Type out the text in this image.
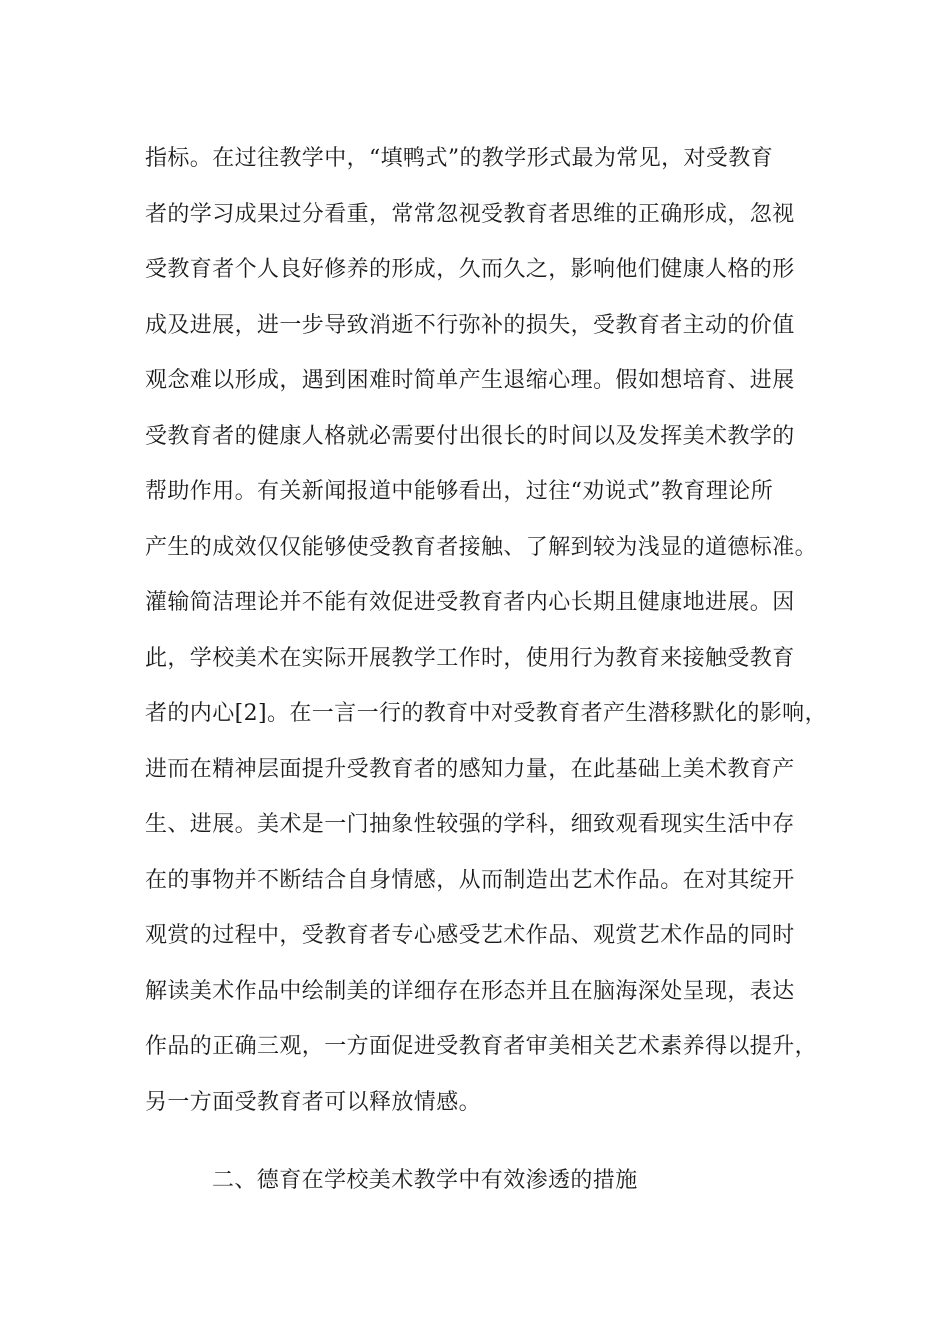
指标。在过往教学中，“填鸭式”的教学形式最为常见，对受教育
者的学习成果过分看重，常常忽视受教育者思维的正确形成，忽视
受教育者个人良好修养的形成，久而久之，影响他们健康人格的形
成及进展，进一步导致消逝不行弥补的损失，受教育者主动的价值
观念难以形成，遇到困难时简单产生退缩心理。假如想培育、进展
受教育者的健康人格就必需要付出很长的时间以及发挥美术教学的
帮助作用。有关新闻报道中能够看出，过往“劝说式”教育理论所
产生的成效仅仅能够使受教育者接触、了解到较为浅显的道德标准。
灌输简洁理论并不能有效促进受教育者内心长期且健康地进展。因
此，学校美术在实际开展教学工作时，使用行为教育来接触受教育
者的内心[2]。在一言一行的教育中对受教育者产生潜移默化的影响，
进而在精神层面提升受教育者的感知力量，在此基础上美术教育产
生、进展。美术是一门抽象性较强的学科，细致观看现实生活中存
在的事物并不断结合自身情感，从而制造出艺术作品。在对其绽开
观赏的过程中，受教育者专心感受艺术作品、观赏艺术作品的同时
解读美术作品中绘制美的详细存在形态并且在脑海深处呈现，表达
作品的正确三观，一方面促进受教育者审美相关艺术素养得以提升，
另一方面受教育者可以释放情感。
二、德育在学校美术教学中有效渗透的措施
